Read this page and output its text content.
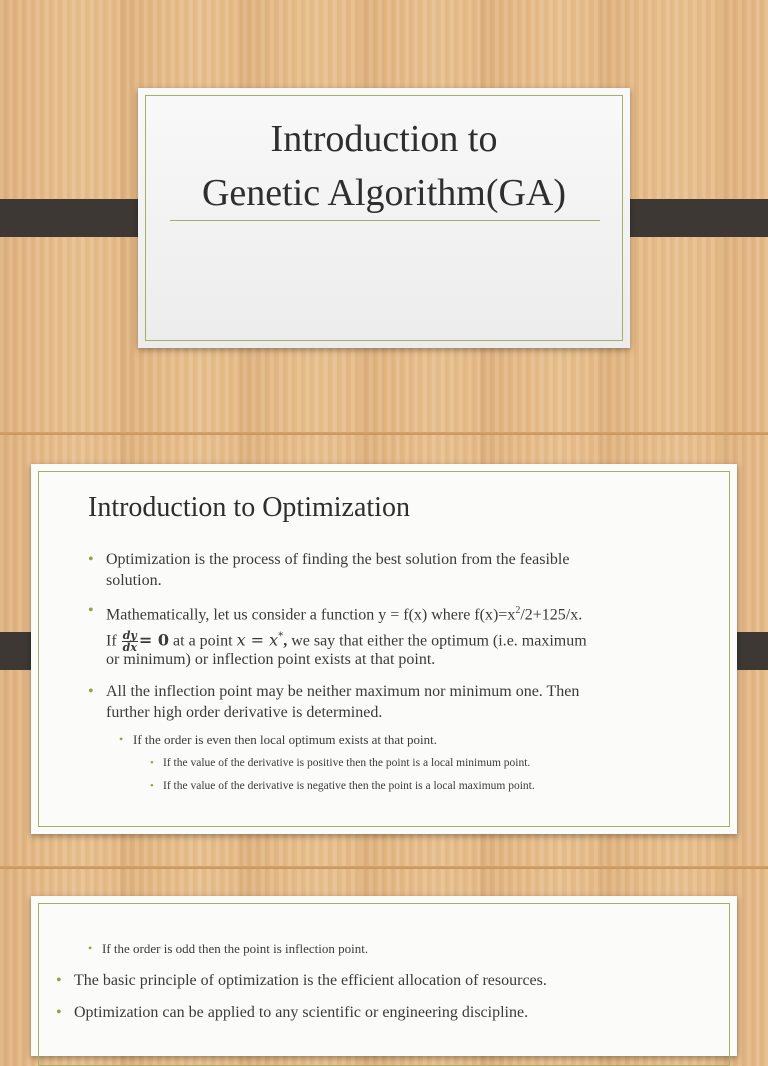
Introduction to
Genetic Algorithm(GA)
Introduction to Optimization
• Optimization is the process of finding the best solution from the feasible
solution.
• Mathematically, let us consider a function y = f(x) where $f(x)=x^2/2+125/x$.
If $\frac{dy}{dx} = 0$ at a point x = x*, we say that either the optimum (i.e. maximum
or minimum) or inflection point exists at that point.
• All the inflection point may be neither maximum nor minimum one. Then
further high order derivative is determined.
• If the order is even then local optimum exists at that point.
• If the value of the derivative is positive then the point is a local minimum point.
• If the value of the derivative is negative then the point is a local maximum point.
• If the order is odd then the point is inflection point.
• The basic principle of optimization is the efficient allocation of resources.
• Optimization can be applied to any scientific or engineering discipline.
